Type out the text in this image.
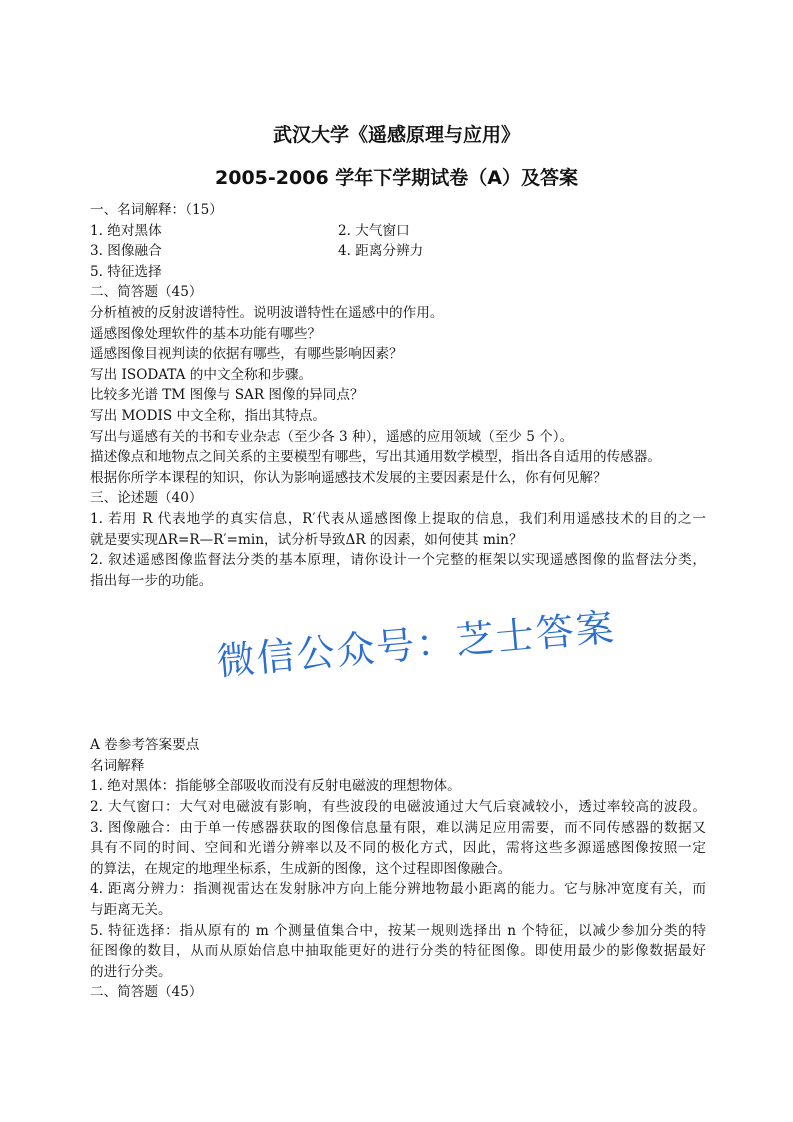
武汉大学《遥感原理与应用》
2005-2006 学年下学期试卷（A）及答案
一、名词解释：（15）
1. 绝对黑体	2. 大气窗口
3. 图像融合	4. 距离分辨力
5. 特征选择
二、简答题（45）
分析植被的反射波谱特性。说明波谱特性在遥感中的作用。
遥感图像处理软件的基本功能有哪些？
遥感图像目视判读的依据有哪些，有哪些影响因素？
写出 ISODATA 的中文全称和步骤。
比较多光谱 TM 图像与 SAR 图像的异同点？
写出 MODIS 中文全称，指出其特点。
写出与遥感有关的书和专业杂志（至少各 3 种），遥感的应用领域（至少 5 个）。
描述像点和地物点之间关系的主要模型有哪些，写出其通用数学模型，指出各自适用的传感器。
根据你所学本课程的知识，你认为影响遥感技术发展的主要因素是什么，你有何见解？
三、论述题（40）
1. 若用 R 代表地学的真实信息，R′代表从遥感图像上提取的信息，我们利用遥感技术的目的之一
就是要实现ΔR=R—R′=min，试分析导致ΔR 的因素，如何使其 min？
2. 叙述遥感图像监督法分类的基本原理，请你设计一个完整的框架以实现遥感图像的监督法分类，
指出每一步的功能。
A 卷参考答案要点
名词解释
1. 绝对黑体：指能够全部吸收而没有反射电磁波的理想物体。
2. 大气窗口：大气对电磁波有影响，有些波段的电磁波通过大气后衰减较小，透过率较高的波段。
3. 图像融合：由于单一传感器获取的图像信息量有限，难以满足应用需要，而不同传感器的数据又
具有不同的时间、空间和光谱分辨率以及不同的极化方式，因此，需将这些多源遥感图像按照一定
的算法，在规定的地理坐标系，生成新的图像，这个过程即图像融合。
4. 距离分辨力：指测视雷达在发射脉冲方向上能分辨地物最小距离的能力。它与脉冲宽度有关，而
与距离无关。
5. 特征选择：指从原有的 m 个测量值集合中，按某一规则选择出 n 个特征，以减少参加分类的特
征图像的数目，从而从原始信息中抽取能更好的进行分类的特征图像。即使用最少的影像数据最好
的进行分类。
二、简答题（45）
微信公众号：芝士答案
